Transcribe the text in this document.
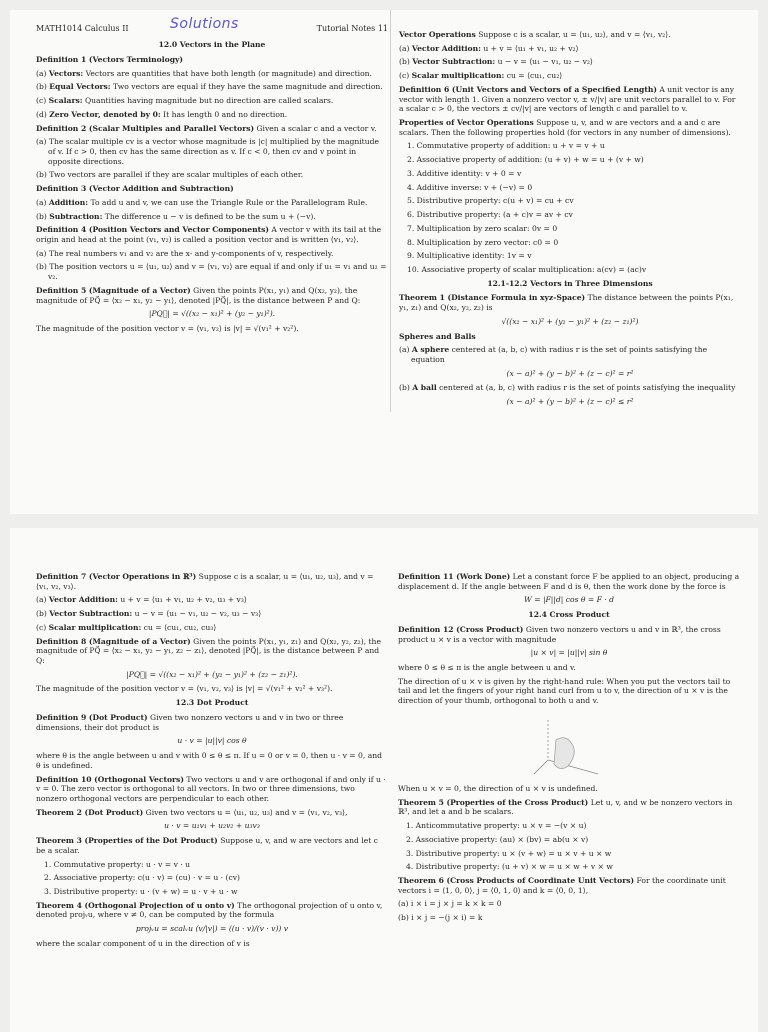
Solutions
MATH1014 Calculus II	Tutorial Notes 11
12.0 Vectors in the Plane

Definition 1 (Vectors Terminology)

(a) Vectors: Vectors are quantities that have both length (or magnitude) and direction.
(b) Equal Vectors: Two vectors are equal if they have the same magnitude and direction.
(c) Scalars: Quantities having magnitude but no direction are called scalars.
(d) Zero Vector, denoted by 0: It has length 0 and no direction.

Definition 2 (Scalar Multiples and Parallel Vectors) Given a scalar c and a vector v.

(a) The scalar multiple cv is a vector whose magnitude is |c| multiplied by the magnitude of v. If c > 0, then cv has the same direction as v. If c < 0, then cv and v point in opposite directions.
(b) Two vectors are parallel if they are scalar multiples of each other.

Definition 3 (Vector Addition and Subtraction)

(a) Addition: To add u and v, we can use the Triangle Rule or the Parallelogram Rule.
(b) Subtraction: The difference u − v is defined to be the sum u + (−v).

Definition 4 (Position Vectors and Vector Components) A vector v with its tail at the origin and head at the point (v₁, v₂) is called a position vector and is written ⟨v₁, v₂⟩.

(a) The real numbers v₁ and v₂ are the x- and y-components of v, respectively.
(b) The position vectors u = ⟨u₁, u₂⟩ and v = ⟨v₁, v₂⟩ are equal if and only if u₁ = v₁ and u₂ = v₂.

Definition 5 (Magnitude of a Vector) Given the points P(x₁, y₁) and Q(x₂, y₂), the magnitude of PQ⃗ = ⟨x₂ − x₁, y₂ − y₁⟩, denoted |PQ⃗|, is the distance between P and Q:

|PQ⃗| = √((x₂ − x₁)² + (y₂ − y₁)²).

The magnitude of the position vector v = ⟨v₁, v₂⟩ is |v| = √(v₁² + v₂²).

Vector Operations Suppose c is a scalar, u = ⟨u₁, u₂⟩, and v = ⟨v₁, v₂⟩.

(a) Vector Addition: u + v = ⟨u₁ + v₁, u₂ + v₂⟩
(b) Vector Subtraction: u − v = ⟨u₁ − v₁, u₂ − v₂⟩
(c) Scalar multiplication: cu = ⟨cu₁, cu₂⟩

Definition 6 (Unit Vectors and Vectors of a Specified Length) A unit vector is any vector with length 1. Given a nonzero vector v, ± v/|v| are unit vectors parallel to v. For a scalar c > 0, the vectors ± cv/|v| are vectors of length c and parallel to v.

Properties of Vector Operations Suppose u, v, and w are vectors and a and c are scalars. Then the following properties hold (for vectors in any number of dimensions).

1. Commutative property of addition: u + v = v + u
2. Associative property of addition: (u + v) + w = u + (v + w)
3. Additive identity: v + 0 = v
4. Additive inverse: v + (−v) = 0
5. Distributive property: c(u + v) = cu + cv
6. Distributive property: (a + c)v = av + cv
7. Multiplication by zero scalar: 0v = 0
8. Multiplication by zero vector: c0 = 0
9. Multiplicative identity: 1v = v
10. Associative property of scalar multiplication: a(cv) = (ac)v
12.1-12.2 Vectors in Three Dimensions

Theorem 1 (Distance Formula in xyz-Space) The distance between the points P(x₁, y₁, z₁) and Q(x₂, y₂, z₂) is

√((x₂ − x₁)² + (y₂ − y₁)² + (z₂ − z₁)²)

Spheres and Balls

(a) A sphere centered at (a, b, c) with radius r is the set of points satisfying the equation
(x − a)² + (y − b)² + (z − c)² = r²
(b) A ball centered at (a, b, c) with radius r is the set of points satisfying the inequality
(x − a)² + (y − b)² + (z − c)² ≤ r²

Definition 7 (Vector Operations in ℝ³) Suppose c is a scalar, u = ⟨u₁, u₂, u₃⟩, and v = ⟨v₁, v₂, v₃⟩.

(a) Vector Addition: u + v = ⟨u₁ + v₁, u₂ + v₂, u₃ + v₃⟩
(b) Vector Subtraction: u − v = ⟨u₁ − v₁, u₂ − v₂, u₃ − v₃⟩
(c) Scalar multiplication: cu = ⟨cu₁, cu₂, cu₃⟩

Definition 8 (Magnitude of a Vector) Given the points P(x₁, y₁, z₁) and Q(x₂, y₂, z₂), the magnitude of PQ⃗ = ⟨x₂ − x₁, y₂ − y₁, z₂ − z₁⟩, denoted |PQ⃗|, is the distance between P and Q:

|PQ⃗| = √((x₂ − x₁)² + (y₂ − y₁)² + (z₂ − z₁)²).

The magnitude of the position vector v = ⟨v₁, v₂, v₃⟩ is |v| = √(v₁² + v₂² + v₃²).

12.3 Dot Product

Definition 9 (Dot Product) Given two nonzero vectors u and v in two or three dimensions, their dot product is

u · v = |u||v| cos θ

where θ is the angle between u and v with 0 ≤ θ ≤ π. If u = 0 or v = 0, then u · v = 0, and θ is undefined.

Definition 10 (Orthogonal Vectors) Two vectors u and v are orthogonal if and only if u · v = 0. The zero vector is orthogonal to all vectors. In two or three dimensions, two nonzero orthogonal vectors are perpendicular to each other.

Theorem 2 (Dot Product) Given two vectors u = ⟨u₁, u₂, u₃⟩ and v = ⟨v₁, v₂, v₃⟩,

u · v = u₁v₁ + u₂v₂ + u₃v₃

Theorem 3 (Properties of the Dot Product) Suppose u, v, and w are vectors and let c be a scalar.

1. Commutative property: u · v = v · u
2. Associative property: c(u · v) = (cu) · v = u · (cv)
3. Distributive property: u · (v + w) = u · v + u · w

Theorem 4 (Orthogonal Projection of u onto v) The orthogonal projection of u onto v, denoted projᵥu, where v ≠ 0, can be computed by the formula

projᵥu = scalᵥu (v/|v|) = ((u · v)/(v · v)) v

where the scalar component of u in the direction of v is

Definition 11 (Work Done) Let a constant force F be applied to an object, producing a displacement d. If the angle between F and d is θ, then the work done by the force is

W = |F||d| cos θ = F · d
12.4 Cross Product

Definition 12 (Cross Product) Given two nonzero vectors u and v in ℝ³, the cross product u × v is a vector with magnitude

|u × v| = |u||v| sin θ

where 0 ≤ θ ≤ π is the angle between u and v.

The direction of u × v is given by the right-hand rule: When you put the vectors tail to tail and let the fingers of your right hand curl from u to v, the direction of u × v is the direction of your thumb, orthogonal to both u and v.

When u × v = 0, the direction of u × v is undefined.

Theorem 5 (Properties of the Cross Product) Let u, v, and w be nonzero vectors in ℝ³, and let a and b be scalars.

1. Anticommutative property: u × v = −(v × u)
2. Associative property: (au) × (bv) = ab(u × v)
3. Distributive property: u × (v + w) = u × v + u × w
4. Distributive property: (u + v) × w = u × w + v × w

Theorem 6 (Cross Products of Coordinate Unit Vectors) For the coordinate unit vectors i = ⟨1, 0, 0⟩, j = ⟨0, 1, 0⟩ and k = ⟨0, 0, 1⟩,

(a) i × i = j × j = k × k = 0
(b) i × j = −(j × i) = k
